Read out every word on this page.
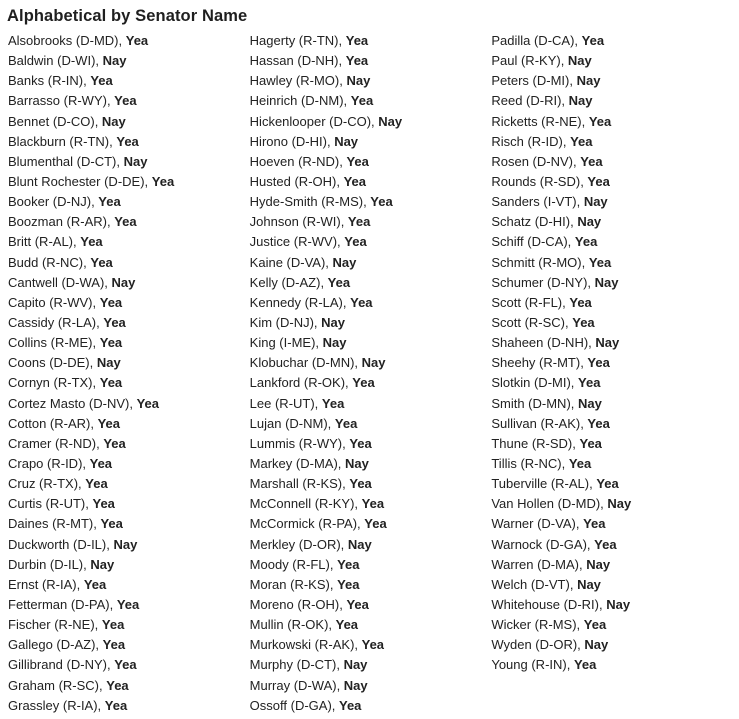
Alphabetical by Senator Name
Alsobrooks (D-MD), Yea
Baldwin (D-WI), Nay
Banks (R-IN), Yea
Barrasso (R-WY), Yea
Bennet (D-CO), Nay
Blackburn (R-TN), Yea
Blumenthal (D-CT), Nay
Blunt Rochester (D-DE), Yea
Booker (D-NJ), Yea
Boozman (R-AR), Yea
Britt (R-AL), Yea
Budd (R-NC), Yea
Cantwell (D-WA), Nay
Capito (R-WV), Yea
Cassidy (R-LA), Yea
Collins (R-ME), Yea
Coons (D-DE), Nay
Cornyn (R-TX), Yea
Cortez Masto (D-NV), Yea
Cotton (R-AR), Yea
Cramer (R-ND), Yea
Crapo (R-ID), Yea
Cruz (R-TX), Yea
Curtis (R-UT), Yea
Daines (R-MT), Yea
Duckworth (D-IL), Nay
Durbin (D-IL), Nay
Ernst (R-IA), Yea
Fetterman (D-PA), Yea
Fischer (R-NE), Yea
Gallego (D-AZ), Yea
Gillibrand (D-NY), Yea
Graham (R-SC), Yea
Grassley (R-IA), Yea
Hagerty (R-TN), Yea
Hassan (D-NH), Yea
Hawley (R-MO), Nay
Heinrich (D-NM), Yea
Hickenlooper (D-CO), Nay
Hirono (D-HI), Nay
Hoeven (R-ND), Yea
Husted (R-OH), Yea
Hyde-Smith (R-MS), Yea
Johnson (R-WI), Yea
Justice (R-WV), Yea
Kaine (D-VA), Nay
Kelly (D-AZ), Yea
Kennedy (R-LA), Yea
Kim (D-NJ), Nay
King (I-ME), Nay
Klobuchar (D-MN), Nay
Lankford (R-OK), Yea
Lee (R-UT), Yea
Lujan (D-NM), Yea
Lummis (R-WY), Yea
Markey (D-MA), Nay
Marshall (R-KS), Yea
McConnell (R-KY), Yea
McCormick (R-PA), Yea
Merkley (D-OR), Nay
Moody (R-FL), Yea
Moran (R-KS), Yea
Moreno (R-OH), Yea
Mullin (R-OK), Yea
Murkowski (R-AK), Yea
Murphy (D-CT), Nay
Murray (D-WA), Nay
Ossoff (D-GA), Yea
Padilla (D-CA), Yea
Paul (R-KY), Nay
Peters (D-MI), Nay
Reed (D-RI), Nay
Ricketts (R-NE), Yea
Risch (R-ID), Yea
Rosen (D-NV), Yea
Rounds (R-SD), Yea
Sanders (I-VT), Nay
Schatz (D-HI), Nay
Schiff (D-CA), Yea
Schmitt (R-MO), Yea
Schumer (D-NY), Nay
Scott (R-FL), Yea
Scott (R-SC), Yea
Shaheen (D-NH), Nay
Sheehy (R-MT), Yea
Slotkin (D-MI), Yea
Smith (D-MN), Nay
Sullivan (R-AK), Yea
Thune (R-SD), Yea
Tillis (R-NC), Yea
Tuberville (R-AL), Yea
Van Hollen (D-MD), Nay
Warner (D-VA), Yea
Warnock (D-GA), Yea
Warren (D-MA), Nay
Welch (D-VT), Nay
Whitehouse (D-RI), Nay
Wicker (R-MS), Yea
Wyden (D-OR), Nay
Young (R-IN), Yea
